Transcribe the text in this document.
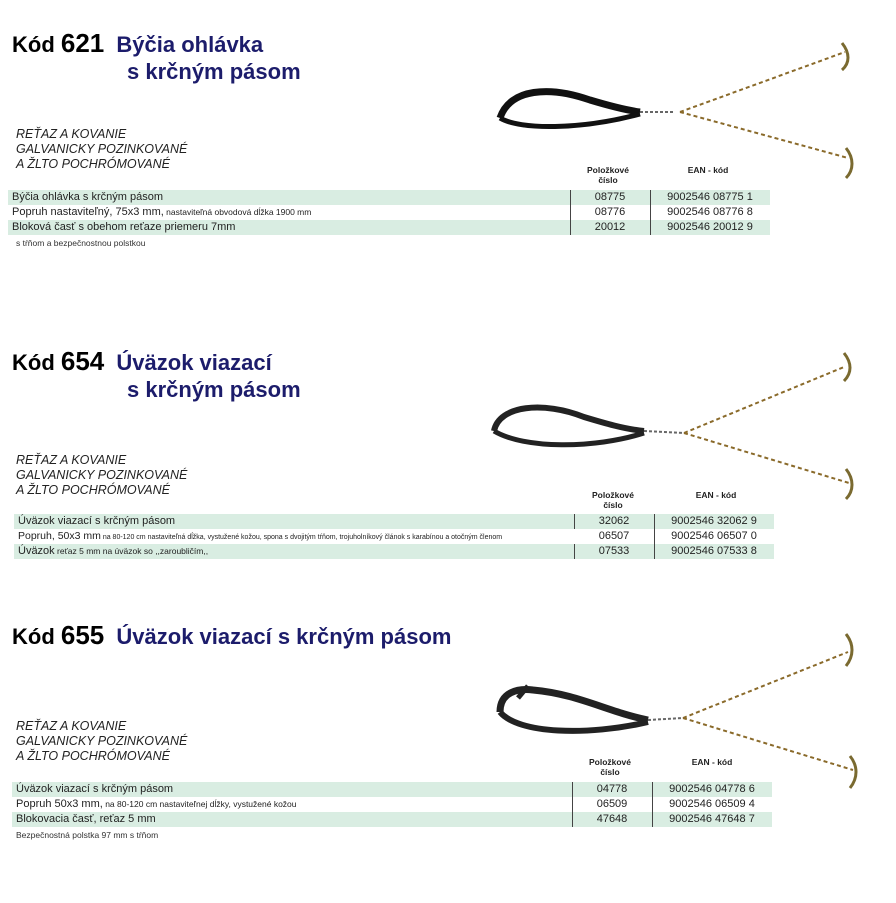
Kód 621 Býčia ohlávka
s krčným pásom
REŤAZ A KOVANIE
GALVANICKY POZINKOVANÉ
A ŽLTO POCHRÓMOVANÉ	Položkové
číslo
EAN - kód
Býčia ohlávka s krčným pásom	08775	9002546 08775 1
Popruh nastaviteľný, 75x3 mm, nastaviteľná obvodová dĺžka 1900 mm	08776	9002546 08776 8
Bloková časť s obehom reťaze priemeru 7mm	20012	9002546 20012 9
s tŕňom a bezpečnostnou polstkou
Kód 654 Úväzok viazací
s krčným pásom
REŤAZ A KOVANIE
GALVANICKY POZINKOVANÉ
A ŽLTO POCHRÓMOVANÉ	Položkové
číslo
EAN - kód
Úväzok viazací s krčným pásom	32062	9002546 32062 9
Popruh, 50x3 mm na 80-120 cm nastaviteľná dĺžka, vystužené kožou, spona s dvojitým tŕňom, trojuholníkový článok s karabínou a otočným členom	06507	9002546 06507 0
Úväzok reťaz 5 mm na úväzok so ,,zaroubličím,,	07533	9002546 07533 8
Kód 655 Úväzok viazací s krčným pásom
REŤAZ A KOVANIE
GALVANICKY POZINKOVANÉ
A ŽLTO POCHRÓMOVANÉ	Položkové
číslo
EAN - kód
Úväzok viazací s krčným pásom	04778	9002546 04778 6
Popruh 50x3 mm, na 80-120 cm nastaviteľnej dĺžky, vystužené kožou	06509	9002546 06509 4
Blokovacia časť, reťaz 5 mm	47648	9002546 47648 7
Bezpečnostná polstka 97 mm s tŕňom
